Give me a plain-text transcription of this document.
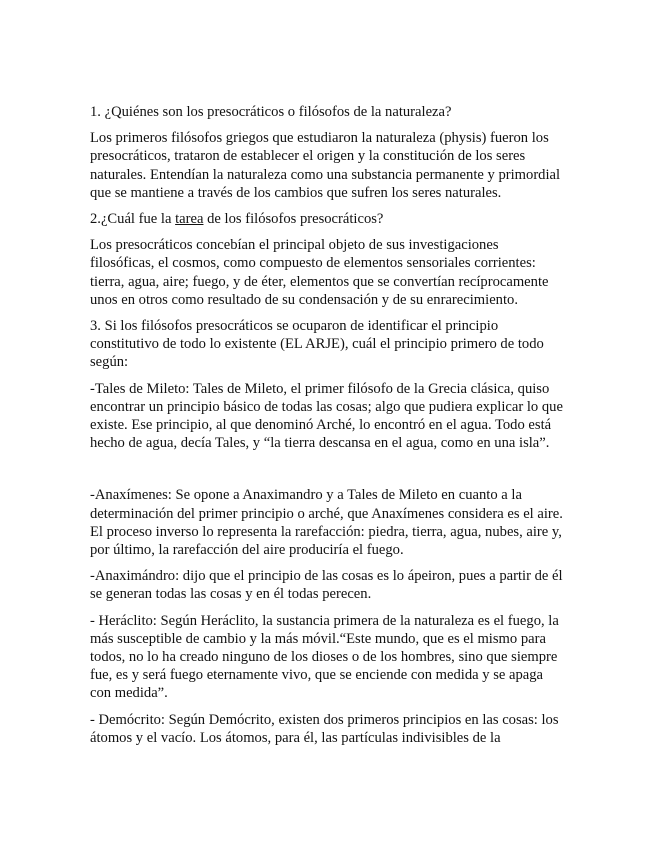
1. ¿Quiénes son los presocráticos o filósofos de la naturaleza?

Los primeros filósofos griegos que estudiaron la naturaleza (physis) fueron los presocráticos, trataron de establecer el origen y la constitución de los seres naturales. Entendían la naturaleza como una substancia permanente y primordial que se mantiene a través de los cambios que sufren los seres naturales.

2.¿Cuál fue la tarea de los filósofos presocráticos?

Los presocráticos concebían el principal objeto de sus investigaciones filosóficas, el cosmos, como compuesto de elementos sensoriales corrientes: tierra, agua, aire; fuego, y de éter, elementos que se convertían recíprocamente unos en otros como resultado de su condensación y de su enrarecimiento.

3. Si los filósofos presocráticos se ocuparon de identificar el principio constitutivo de todo lo existente (EL ARJE), cuál el principio primero de todo según:

-Tales de Mileto: Tales de Mileto, el primer filósofo de la Grecia clásica, quiso encontrar un principio básico de todas las cosas; algo que pudiera explicar lo que existe. Ese principio, al que denominó Arché, lo encontró en el agua. Todo está hecho de agua, decía Tales, y “la tierra descansa en el agua, como en una isla”.

-Anaxímenes: Se opone a Anaximandro y a Tales de Mileto en cuanto a la determinación del primer principio o arché, que Anaxímenes considera es el aire. El proceso inverso lo representa la rarefacción: piedra, tierra, agua, nubes, aire y, por último, la rarefacción del aire produciría el fuego.

-Anaximándro: dijo que el principio de las cosas es lo ápeiron, pues a partir de él se generan todas las cosas y en él todas perecen.

- Heráclito: Según Heráclito, la sustancia primera de la naturaleza es el fuego, la más susceptible de cambio y la más móvil.“Este mundo, que es el mismo para todos, no lo ha creado ninguno de los dioses o de los hombres, sino que siempre fue, es y será fuego eternamente vivo, que se enciende con medida y se apaga con medida”.

- Demócrito: Según Demócrito, existen dos primeros principios en las cosas: los átomos y el vacío. Los átomos, para él, las partículas indivisibles de la
